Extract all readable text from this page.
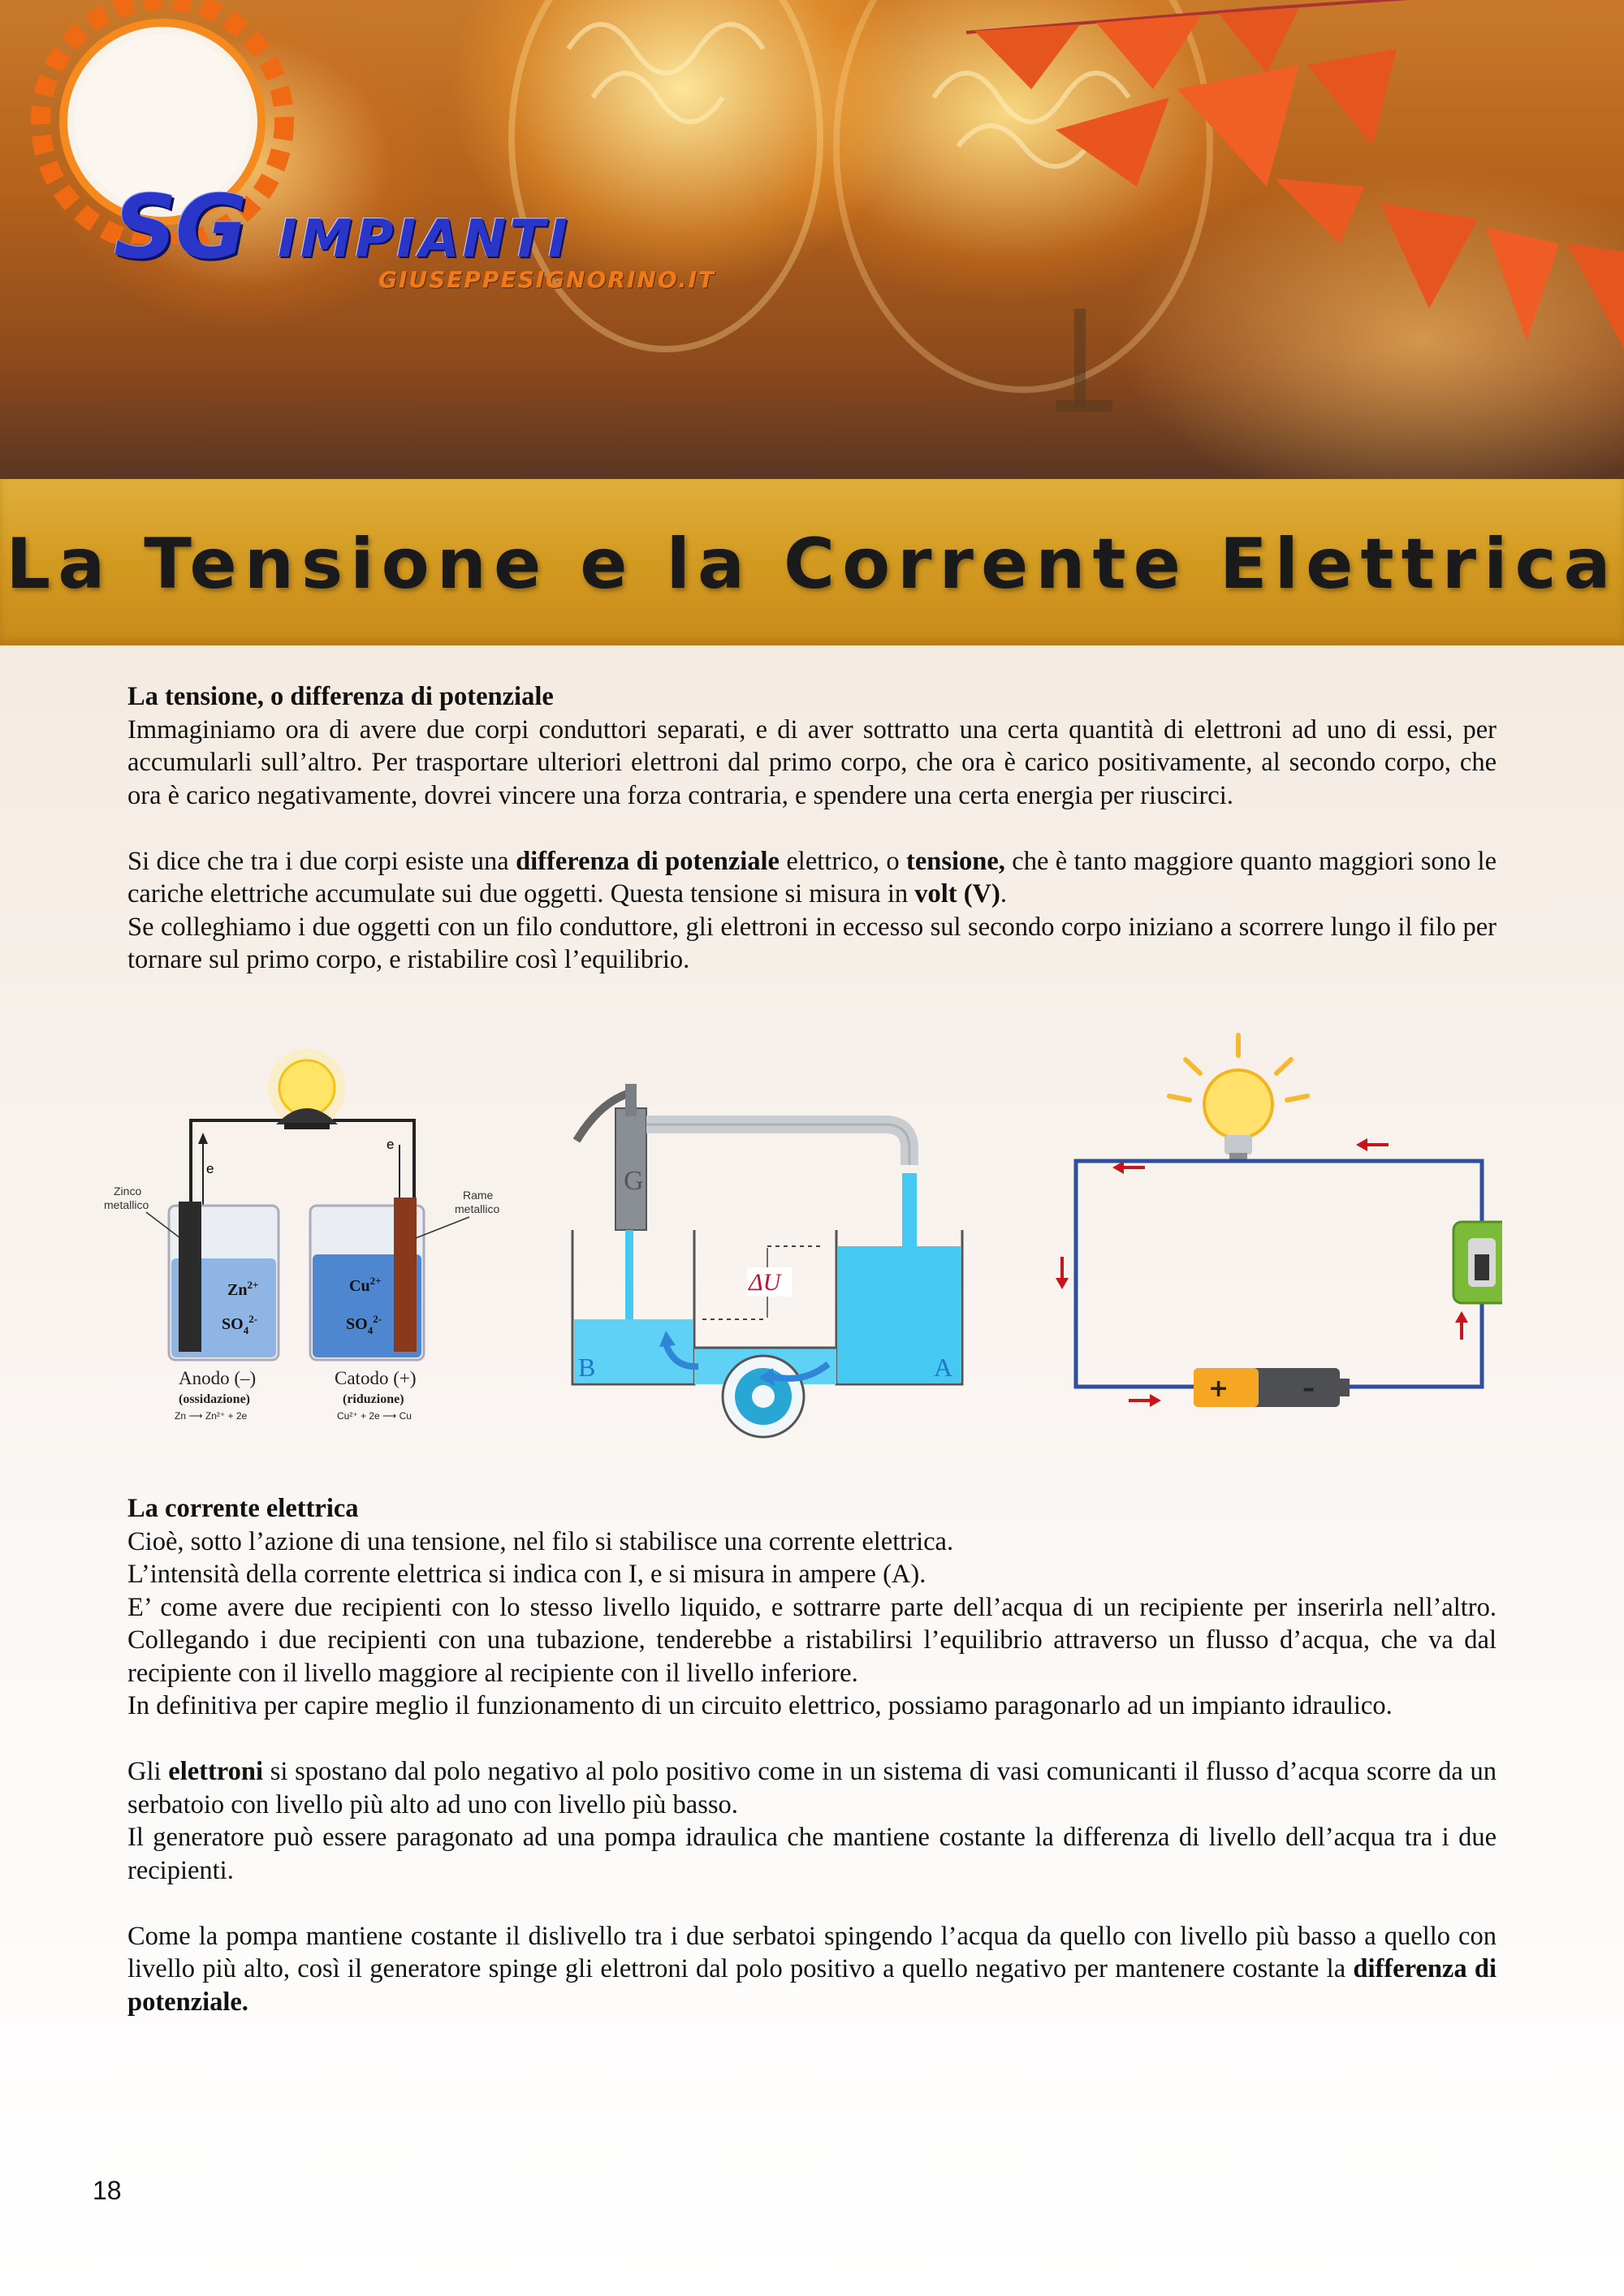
SG IMPIANTI
GIUSEPPESIGNORINO.IT
La Tensione e la Corrente Elettrica

La tensione, o differenza di potenziale

Immaginiamo ora di avere due corpi conduttori separati, e di aver sottratto una certa quantità di elettroni ad uno di essi, per accumularli sull’altro. Per trasportare ulteriori elettroni dal primo corpo, che ora è carico positivamente, al secondo corpo, che ora è carico negativamente, dovrei vincere una forza contraria, e spendere una certa energia per riuscirci.

Si dice che tra i due corpi esiste una differenza di potenziale elettrico, o tensione, che è tanto maggiore quanto maggiori sono le cariche elettriche accumulate sui due oggetti. Questa tensione si misura in volt (V).

Se colleghiamo i due oggetti con un filo conduttore, gli elettroni in eccesso sul secondo corpo iniziano a scorrere lungo il filo per tornare sul primo corpo, e ristabilire così l’equilibrio.

e
e
$Zn^{2+}$
$SO_4^{2-}$
$Cu^{2+}$
$SO_4^{2-}$
Zinco
metallico
Rame
metallico
Anodo (–)
(ossidazione)
Zn ⟶ Zn²⁺ + 2e
Catodo (+)
(riduzione)
Cu²⁺ + 2e ⟶ Cu
G
ΔU
B	A
+	–

La corrente elettrica

Cioè, sotto l’azione di una tensione, nel filo si stabilisce una corrente elettrica.

L’intensità della corrente elettrica si indica con I, e si misura in ampere (A).

E’ come avere due recipienti con lo stesso livello liquido, e sottrarre parte dell’acqua di un recipiente per inserirla nell’altro. Collegando i due recipienti con una tubazione, tenderebbe a ristabilirsi l’equilibrio attraverso un flusso d’acqua, che va dal recipiente con il livello maggiore al recipiente con il livello inferiore.

In definitiva per capire meglio il funzionamento di un circuito elettrico, possiamo paragonarlo ad un impianto idraulico.

Gli elettroni si spostano dal polo negativo al polo positivo come in un sistema di vasi comunicanti il flusso d’acqua scorre da un serbatoio con livello più alto ad uno con livello più basso.

Il generatore può essere paragonato ad una pompa idraulica che mantiene costante la differenza di livello dell’acqua tra i due recipienti.

Come la pompa mantiene costante il dislivello tra i due serbatoi spingendo l’acqua da quello con livello più basso a quello con livello più alto, così il generatore spinge gli elettroni dal polo positivo a quello negativo per mantenere costante la differenza di potenziale.

18
